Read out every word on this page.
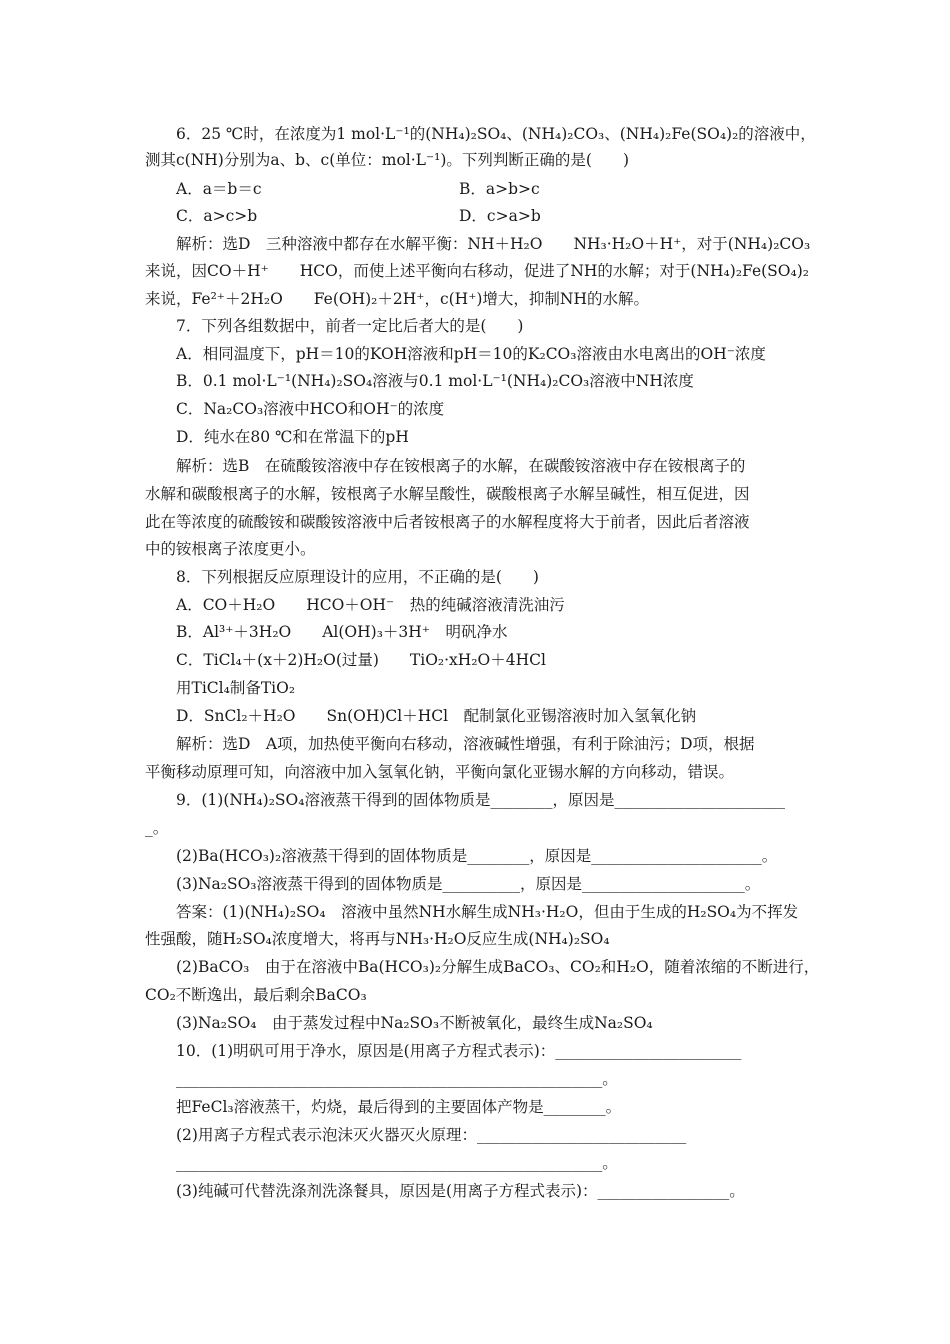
6．25 ℃时，在浓度为1 mol·L⁻¹的(NH₄)₂SO₄、(NH₄)₂CO₃、(NH₄)₂Fe(SO₄)₂的溶液中，
测其c(NH)分别为a、b、c(单位：mol·L⁻¹)。下列判断正确的是(　　)
A．a＝b＝c	B．a>b>c
C．a>c>b	D．c>a>b
解析：选D　三种溶液中都存在水解平衡：NH＋H₂O　　NH₃·H₂O＋H⁺，对于(NH₄)₂CO₃
来说，因CO＋H⁺　　HCO，而使上述平衡向右移动，促进了NH的水解；对于(NH₄)₂Fe(SO₄)₂
来说，Fe²⁺＋2H₂O　　Fe(OH)₂＋2H⁺，c(H⁺)增大，抑制NH的水解。
7．下列各组数据中，前者一定比后者大的是(　　)
A．相同温度下，pH＝10的KOH溶液和pH＝10的K₂CO₃溶液由水电离出的OH⁻浓度
B．0.1 mol·L⁻¹(NH₄)₂SO₄溶液与0.1 mol·L⁻¹(NH₄)₂CO₃溶液中NH浓度
C．Na₂CO₃溶液中HCO和OH⁻的浓度
D．纯水在80 ℃和在常温下的pH
解析：选B　在硫酸铵溶液中存在铵根离子的水解，在碳酸铵溶液中存在铵根离子的
水解和碳酸根离子的水解，铵根离子水解呈酸性，碳酸根离子水解呈碱性，相互促进，因
此在等浓度的硫酸铵和碳酸铵溶液中后者铵根离子的水解程度将大于前者，因此后者溶液
中的铵根离子浓度更小。
8．下列根据反应原理设计的应用，不正确的是(　　)
A．CO＋H₂O　　HCO＋OH⁻　热的纯碱溶液清洗油污
B．Al³⁺＋3H₂O　　Al(OH)₃＋3H⁺　明矾净水
C．TiCl₄＋(x＋2)H₂O(过量)　　TiO₂·xH₂O＋4HCl
用TiCl₄制备TiO₂
D．SnCl₂＋H₂O　　Sn(OH)Cl＋HCl　配制氯化亚锡溶液时加入氢氧化钠
解析：选D　A项，加热使平衡向右移动，溶液碱性增强，有利于除油污；D项，根据
平衡移动原理可知，向溶液中加入氢氧化钠，平衡向氯化亚锡水解的方向移动，错误。
9．(1)(NH₄)₂SO₄溶液蒸干得到的固体物质是________，原因是______________________
_。
(2)Ba(HCO₃)₂溶液蒸干得到的固体物质是________，原因是______________________。
(3)Na₂SO₃溶液蒸干得到的固体物质是__________，原因是_____________________。
答案：(1)(NH₄)₂SO₄　溶液中虽然NH水解生成NH₃·H₂O，但由于生成的H₂SO₄为不挥发
性强酸，随H₂SO₄浓度增大，将再与NH₃·H₂O反应生成(NH₄)₂SO₄
(2)BaCO₃　由于在溶液中Ba(HCO₃)₂分解生成BaCO₃、CO₂和H₂O，随着浓缩的不断进行，
CO₂不断逸出，最后剩余BaCO₃
(3)Na₂SO₄　由于蒸发过程中Na₂SO₃不断被氧化，最终生成Na₂SO₄
10．(1)明矾可用于净水，原因是(用离子方程式表示)：________________________
_______________________________________________________。
把FeCl₃溶液蒸干，灼烧，最后得到的主要固体产物是________。
(2)用离子方程式表示泡沫灭火器灭火原理：___________________________
_______________________________________________________。
(3)纯碱可代替洗涤剂洗涤餐具，原因是(用离子方程式表示)：_________________。
